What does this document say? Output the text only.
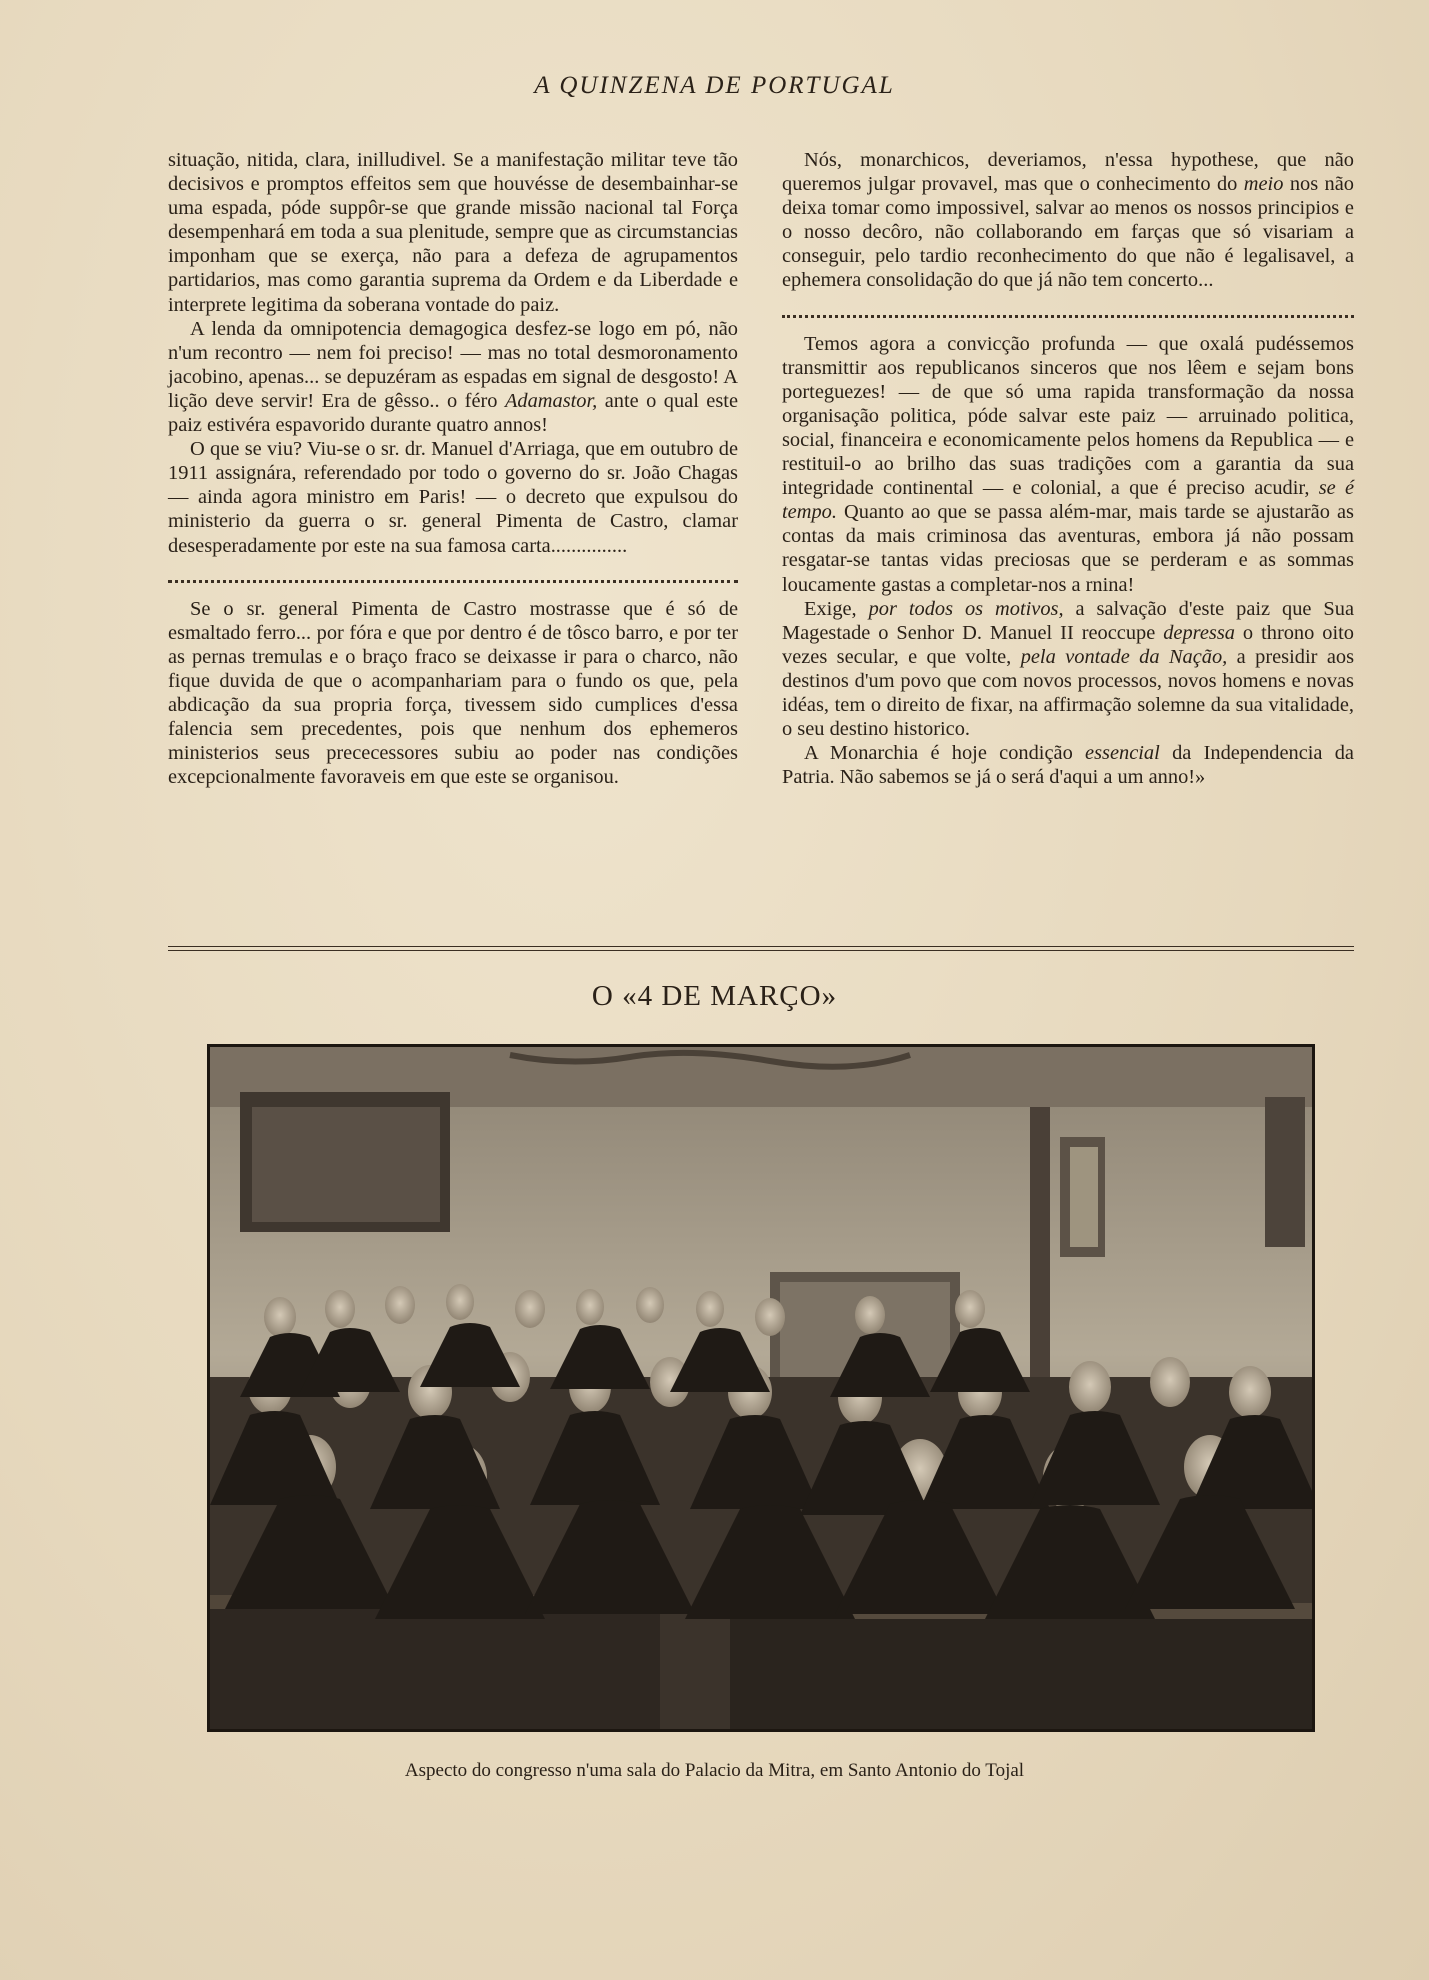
A QUINZENA DE PORTUGAL

situação, nitida, clara, inilludivel. Se a manifestação militar teve tão decisivos e promptos effeitos sem que houvésse de desembainhar-se uma espada, póde suppôr-se que grande missão nacional tal Força desempenhará em toda a sua plenitude, sempre que as circumstancias imponham que se exerça, não para a defeza de agrupamentos partidarios, mas como garantia suprema da Ordem e da Liberdade e interprete legitima da soberana vontade do paiz.

A lenda da omnipotencia demagogica desfez-se logo em pó, não n'um recontro — nem foi preciso! — mas no total desmoronamento jacobino, apenas... se depuzéram as espadas em signal de desgosto! A lição deve servir! Era de gêsso.. o féro Adamastor, ante o qual este paiz estivéra espavorido durante quatro annos!

O que se viu? Viu-se o sr. dr. Manuel d'Arriaga, que em outubro de 1911 assignára, referendado por todo o governo do sr. João Chagas — ainda agora ministro em Paris! — o decreto que expulsou do ministerio da guerra o sr. general Pimenta de Castro, clamar desesperadamente por este na sua famosa carta...............

Se o sr. general Pimenta de Castro mostrasse que é só de esmaltado ferro... por fóra e que por dentro é de tôsco barro, e por ter as pernas tremulas e o braço fraco se deixasse ir para o charco, não fique duvida de que o acompanhariam para o fundo os que, pela abdicação da sua propria força, tivessem sido cumplices d'essa falencia sem precedentes, pois que nenhum dos ephemeros ministerios seus prececessores subiu ao poder nas condições excepcionalmente favoraveis em que este se organisou.

Nós, monarchicos, deveriamos, n'essa hypothese, que não queremos julgar provavel, mas que o conhecimento do meio nos não deixa tomar como impossivel, salvar ao menos os nossos principios e o nosso decôro, não collaborando em farças que só visariam a conseguir, pelo tardio reconhecimento do que não é legalisavel, a ephemera consolidação do que já não tem concerto...

Temos agora a convicção profunda — que oxalá pudéssemos transmittir aos republicanos sinceros que nos lêem e sejam bons porteguezes! — de que só uma rapida transformação da nossa organisação politica, póde salvar este paiz — arruinado politica, social, financeira e economicamente pelos homens da Republica — e restituil-o ao brilho das suas tradições com a garantia da sua integridade continental — e colonial, a que é preciso acudir, se é tempo. Quanto ao que se passa além-mar, mais tarde se ajustarão as contas da mais criminosa das aventuras, embora já não possam resgatar-se tantas vidas preciosas que se perderam e as sommas loucamente gastas a completar-nos a rnina!

Exige, por todos os motivos, a salvação d'este paiz que Sua Magestade o Senhor D. Manuel II reoccupe depressa o throno oito vezes secular, e que volte, pela vontade da Nação, a presidir aos destinos d'um povo que com novos processos, novos homens e novas idéas, tem o direito de fixar, na affirmação solemne da sua vitalidade, o seu destino historico.

A Monarchia é hoje condição essencial da Independencia da Patria. Não sabemos se já o será d'aqui a um anno!»

O «4 DE MARÇO»
Aspecto do congresso n'uma sala do Palacio da Mitra, em Santo Antonio do Tojal
